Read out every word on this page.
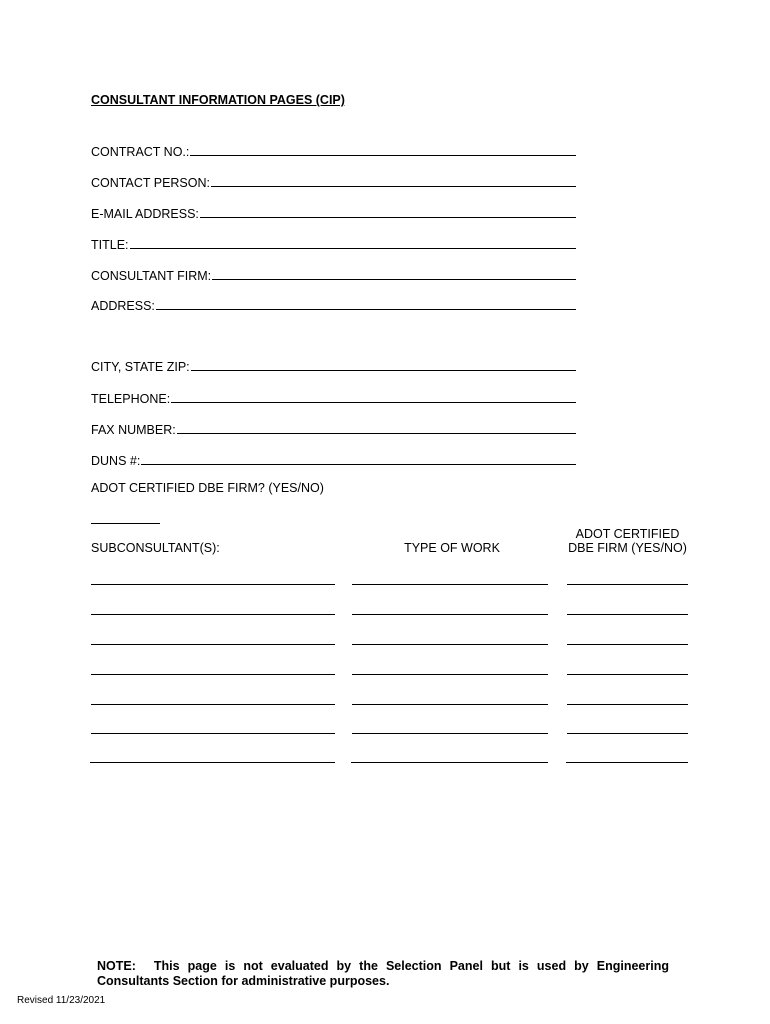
CONSULTANT INFORMATION PAGES (CIP)
CONTRACT NO.:
CONTACT PERSON:
E-MAIL ADDRESS:
TITLE:
CONSULTANT FIRM:
ADDRESS:
CITY, STATE ZIP:
TELEPHONE:
FAX NUMBER:
DUNS #:
ADOT CERTIFIED DBE FIRM? (YES/NO)
SUBCONSULTANT(S):	TYPE OF WORK
ADOT CERTIFIED
DBE FIRM (YES/NO)
NOTE: This page is not evaluated by the Selection Panel but is used by Engineering Consultants Section for administrative purposes.
Revised 11/23/2021
